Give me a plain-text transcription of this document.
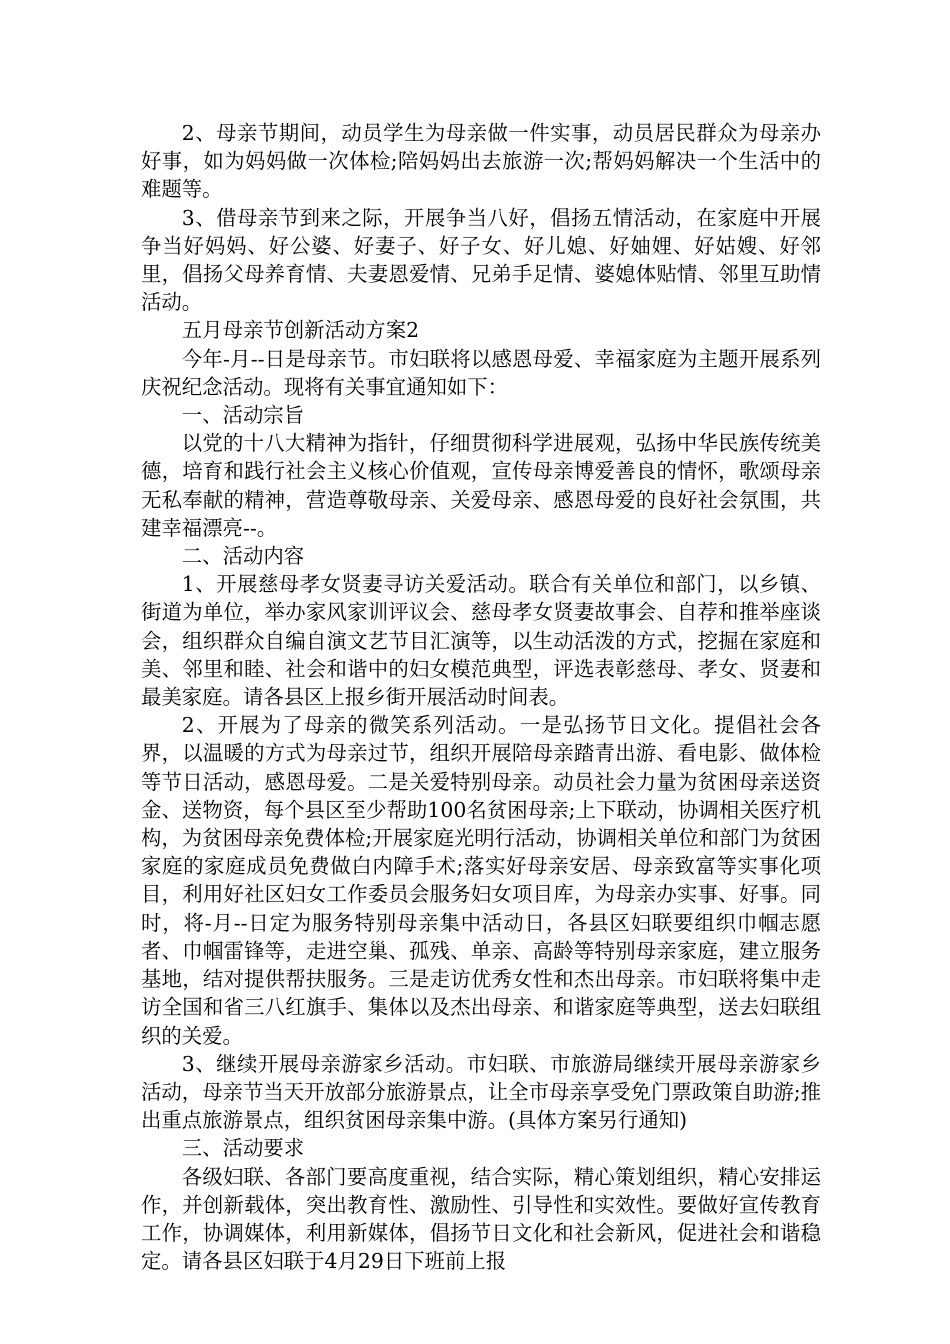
2、母亲节期间，动员学生为母亲做一件实事，动员居民群众为母亲办好事，如为妈妈做一次体检;陪妈妈出去旅游一次;帮妈妈解决一个生活中的难题等。

3、借母亲节到来之际，开展争当八好，倡扬五情活动，在家庭中开展争当好妈妈、好公婆、好妻子、好子女、好儿媳、好妯娌、好姑嫂、好邻里，倡扬父母养育情、夫妻恩爱情、兄弟手足情、婆媳体贴情、邻里互助情活动。

五月母亲节创新活动方案2

今年-月--日是母亲节。市妇联将以感恩母爱、幸福家庭为主题开展系列庆祝纪念活动。现将有关事宜通知如下：

一、活动宗旨

以党的十八大精神为指针，仔细贯彻科学进展观，弘扬中华民族传统美德，培育和践行社会主义核心价值观，宣传母亲博爱善良的情怀，歌颂母亲无私奉献的精神，营造尊敬母亲、关爱母亲、感恩母爱的良好社会氛围，共建幸福漂亮--。

二、活动内容

1、开展慈母孝女贤妻寻访关爱活动。联合有关单位和部门，以乡镇、街道为单位，举办家风家训评议会、慈母孝女贤妻故事会、自荐和推举座谈会，组织群众自编自演文艺节目汇演等，以生动活泼的方式，挖掘在家庭和美、邻里和睦、社会和谐中的妇女模范典型，评选表彰慈母、孝女、贤妻和最美家庭。请各县区上报乡街开展活动时间表。

2、开展为了母亲的微笑系列活动。一是弘扬节日文化。提倡社会各界，以温暖的方式为母亲过节，组织开展陪母亲踏青出游、看电影、做体检等节日活动，感恩母爱。二是关爱特别母亲。动员社会力量为贫困母亲送资金、送物资，每个县区至少帮助100名贫困母亲;上下联动，协调相关医疗机构，为贫困母亲免费体检;开展家庭光明行活动，协调相关单位和部门为贫困家庭的家庭成员免费做白内障手术;落实好母亲安居、母亲致富等实事化项目，利用好社区妇女工作委员会服务妇女项目库，为母亲办实事、好事。同时，将-月--日定为服务特别母亲集中活动日，各县区妇联要组织巾帼志愿者、巾帼雷锋等，走进空巢、孤残、单亲、高龄等特别母亲家庭，建立服务基地，结对提供帮扶服务。三是走访优秀女性和杰出母亲。市妇联将集中走访全国和省三八红旗手、集体以及杰出母亲、和谐家庭等典型，送去妇联组织的关爱。

3、继续开展母亲游家乡活动。市妇联、市旅游局继续开展母亲游家乡活动，母亲节当天开放部分旅游景点，让全市母亲享受免门票政策自助游;推出重点旅游景点，组织贫困母亲集中游。(具体方案另行通知)

三、活动要求

各级妇联、各部门要高度重视，结合实际，精心策划组织，精心安排运作，并创新载体，突出教育性、激励性、引导性和实效性。要做好宣传教育工作，协调媒体，利用新媒体，倡扬节日文化和社会新风，促进社会和谐稳定。请各县区妇联于4月29日下班前上报
